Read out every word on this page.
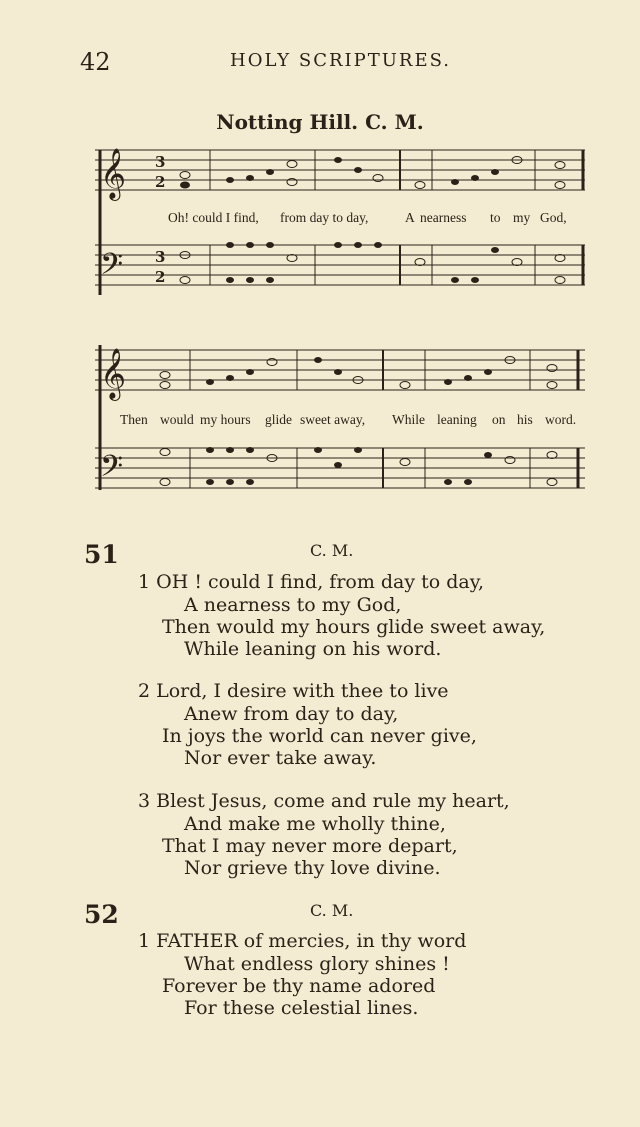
42	HOLY SCRIPTURES.
Notting Hill. C. M.
𝄞
𝄢
3
2
3
2
Oh! could I find, from day to day,	A nearness to my God,
𝄞
𝄢
Then would my hours glide sweet away, While leaning on his word.
51	C. M.
1 OH ! could I find, from day to day,
A nearness to my God,
Then would my hours glide sweet away,
While leaning on his word.
2 Lord, I desire with thee to live
Anew from day to day,
In joys the world can never give,
Nor ever take away.
3 Blest Jesus, come and rule my heart,
And make me wholly thine,
That I may never more depart,
Nor grieve thy love divine.
52	C. M.
1 FATHER of mercies, in thy word
What endless glory shines !
Forever be thy name adored
For these celestial lines.
